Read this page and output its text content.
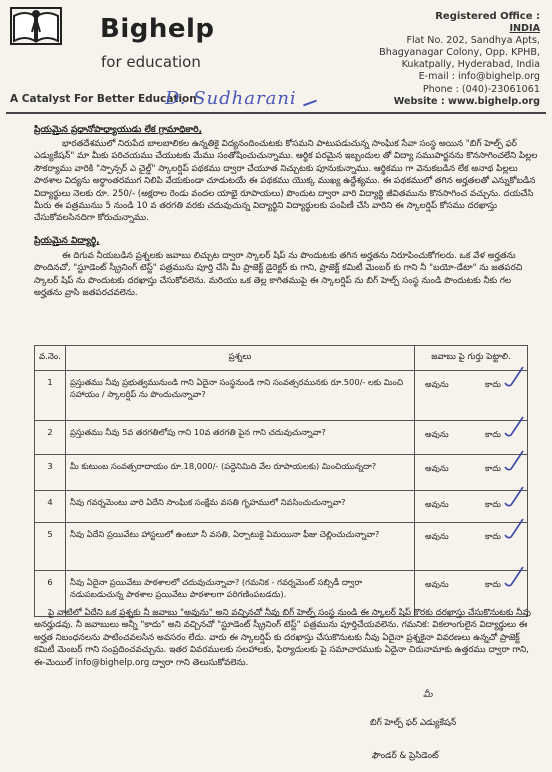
Bighelp
for education
A Catalyst For Better Education
D. Sudharani
Registered Office :
INDIA
Flat No. 202, Sandhya Apts,
Bhagyanagar Colony, Opp. KPHB,
Kukatpally, Hyderabad, India
E-mail : info@bighelp.org
Phone : (040)-23061061
Website : www.bighelp.org
ప్రియమైన ప్రధానోపాధ్యాయుడు లేక గ్రామాధికారి,
భారతదేశములో నిరుపేద బాలబాలికల ఉన్నతికై విద్యనందించుటకు కోసమని పాటుపడుచున్న సాంఘిక సేవా సంస్థ అయిన "బిగ్ హెల్ప్ ఫర్ ఎడ్యుకేషన్" మా మీకు పరిచయము చేయుటకు మేము సంతోషించుచున్నాము. ఆర్ధిక పరమైన ఇబ్బందుల తో విద్యా సముపార్జనను కొనసాగించలేని పిల్లల సౌకర్యాము వారికి "స్పాన్సర్ ఎ చైల్డ్" స్కాలర్షిప్ పథకము ద్వారా చేయూత నిచ్చుటకు పూనుకున్నాము. ఆర్థికము గా వెనుకబడిన లేక అనాథ పిల్లలు పాఠశాల విద్యను అర్ధాంతరముగ నిలిపి వేయకుండా చూడుటయే ఈ పథకము యొక్క ముఖ్య ఉద్దేశ్యము. ఈ పథకములో తగిన అర్హతలతో ఎన్నుకోబడిన విద్యార్థులు నెలకు రూ. 250/- (అక్షరాల రెండు వందల యాభై రూపాయలు) పొందుట ద్వారా వారి విద్యార్థి జీవితమును కొనసాగించ వచ్చును. దయచేసి మీరు ఈ పత్రమునుు 5 నుండి 10 వ తరగతి వరకు చదువుచున్న విద్యార్థిని విద్యార్థులకు పంపిణీ చేసి వారిని ఈ స్కాలర్షిప్ కోసము దరఖాస్తు చేసుకోవలసినదిగా కోరుచున్నాము.
ప్రియమైన విద్యార్థి,
ఈ దిగువ నీయబడిన ప్రశ్నలకు జవాబు లిచ్చుట ద్వారా స్కాలర్ షిప్ ను పొందుటకు తగిన అర్హతను నిరూపించుకోగలరు. ఒక వేళ అర్హతను పొందినచో, "స్టూడెంట్ స్క్రీనింగ్ టెస్ట్" పత్రమును పూర్తి చేసి మీ ప్రాజెక్ట్ డైరెక్టర్ కు గాని, ప్రాజెక్ట్ కమిటీ మెంబర్ కు గాని నీ "బయో-డేటా" ను జతపరచి స్కాలర్ షిప్ ను పొందుటకు దరఖాస్తు చేసుకోవలెను. మరియు ఒక తెల్ల కాగితముపై ఈ స్కాలర్షిప్ ను బిగ్ హెల్ప్ సంస్థ నుండి పొందుటకు నీకు గల అర్హతను వ్రాసి జతపరచవలెను.
వ.నెం.	ప్రశ్నలు	జవాబు పై గుర్తు పెట్టాలి.
1	ప్రస్తుతము నీవు ప్రభుత్వమునుండి గాని ఏదైనా సంస్థనుండి గాని సంవత్సరమునకు రూ.500/- లకు మించి సహాయం / స్కాలర్షిప్ ను పొందుచున్నావా?	అవును కాదు

2	ప్రస్తుతము నీవు 5వ తరగతిలోపు గాని 10వ తరగతి పైన గాని చదువుచున్నావా?	అవును కాదు

3	మీ కుటుంబ సంవత్సరాదాయం రూ.18,000/- (పద్దెనిమిది వేల రూపాయలకు) మించియున్నదా?	అవును కాదు

4	నీవు గవర్నమెంటు వారి ఏదేని సాంఘిక సంక్షేమ వసతి గృహములో నివసించుచున్నావా?	అవును కాదు

5	నీవు ఏదేని ప్రయివేటు హాస్టలులో ఉంటూ నీ వసతి, ఏర్పాటుకై ఏమయినా ఫీజు చెల్లించుచున్నావా?	అవును కాదు

6	నీవు ఏదైనా ప్రయివేటు పాఠశాలలో చదువుచున్నావా? (గమనిక - గవర్నమెంట్ సబ్సిడీ ద్వారా నడుపబడుచున్న పాఠశాల ప్రయివేటు పాఠశాలగా పరిగణింపబడదు).	అవును కాదు
పై వాటిలో ఏదేని ఒక ప్రశ్నకు నీ జవాబు "అవును" అని వచ్చినచో నీవు బిగ్ హెల్ప్ సంస్థ నుండి ఈ స్కాలర్ షిప్ కొరకు దరఖాస్తు చేసుకొనుటకు నీవు అనర్హుడవు. నీ జవాబులు అన్నీ "కాదు" అని వచ్చినచో "స్టూడెంట్ స్క్రీనింగ్ టెస్ట్" పత్రమును పూర్తిచేయవలెను. గమనిక: వికలాంగులైన విద్యార్థులు ఈ అర్హత నిబంధనలను పాటించవలసిన అవసరం లేదు. వారు ఈ స్కాలర్షిప్ కు దరఖాస్తు చేసుకొనుటకు నీవు ఏదైనా ప్రశ్నకైనా వివరణలు ఉన్నచో ప్రాజెక్ట్ కమిటీ మెంబర్ గాని సంప్రదించవచ్చును. ఇతర వివరములకు సలహాలకు, ఫిర్యాదులకు పై సమాచారముకు ఏదైనా చిరునామాకు ఉత్తరము ద్వారా గాని, ఈ-మెయిల్ info@bighelp.org ద్వారా గాని తెలుసుకోవలెను.
మీ
బిగ్ హెల్ప్ ఫర్ ఎడ్యుకేషన్
ఫౌండర్ & ప్రెసిడెంట్
